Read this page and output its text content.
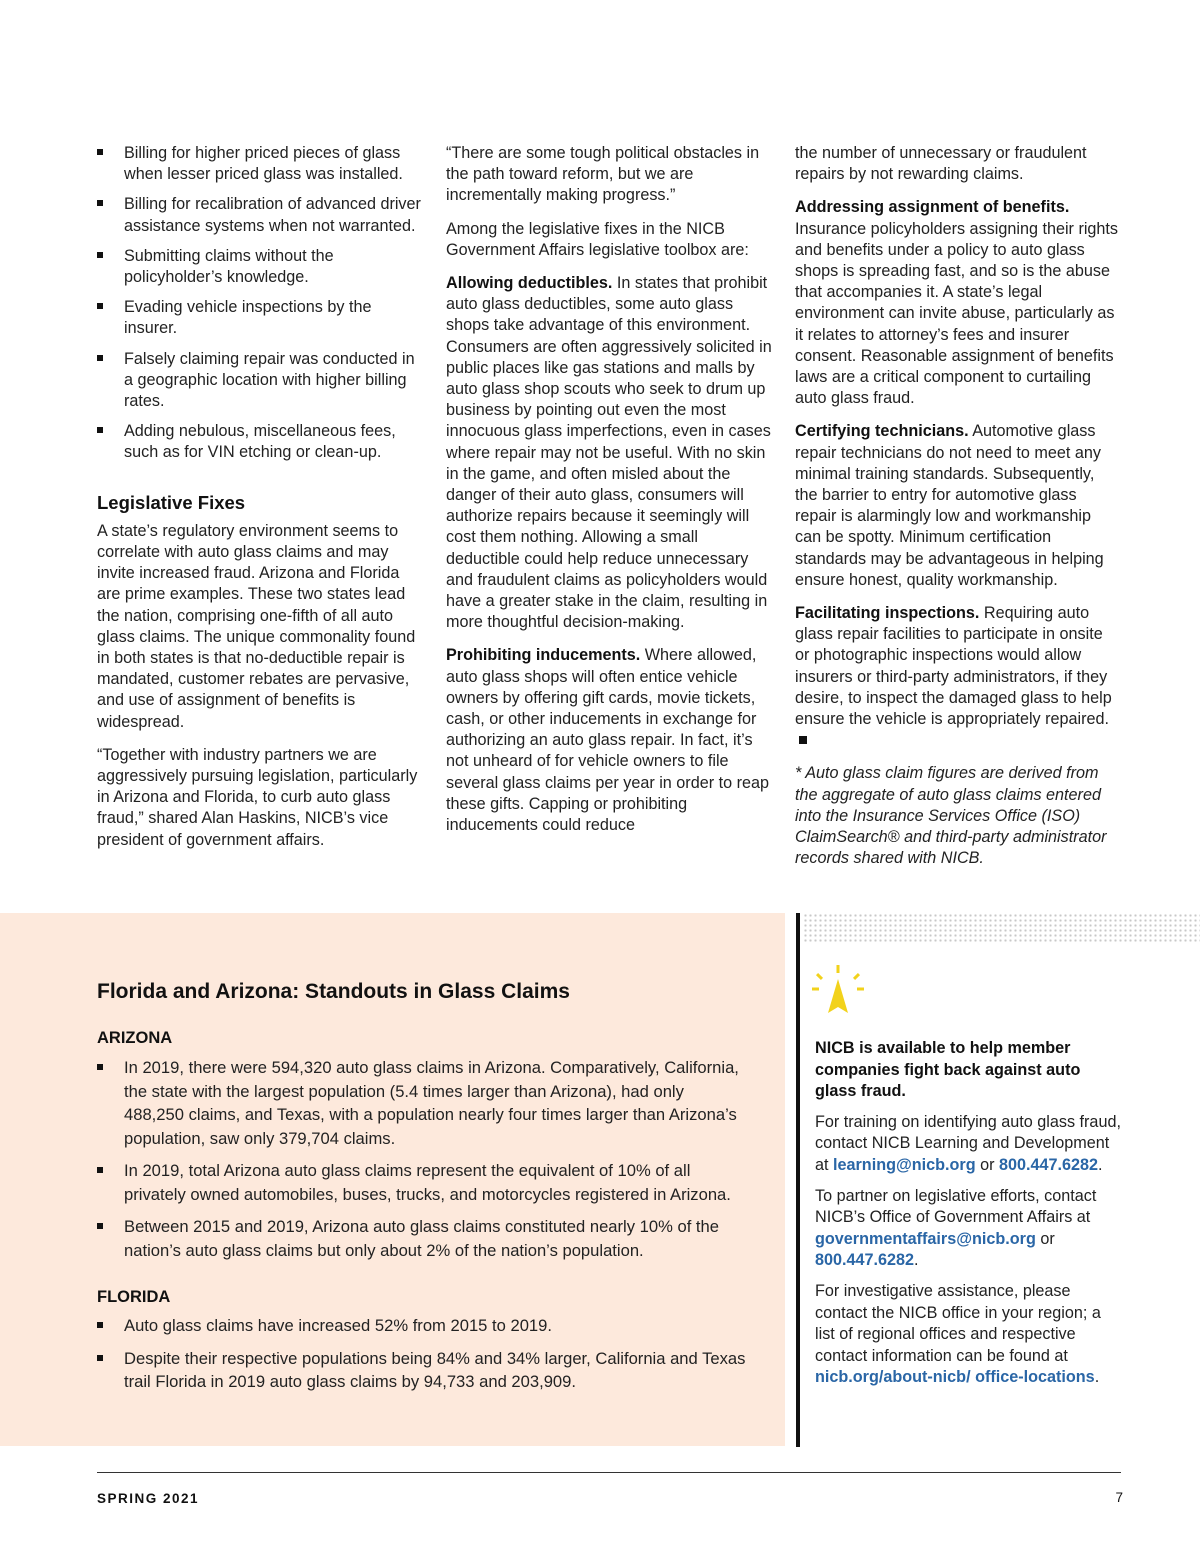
Billing for higher priced pieces of glass when lesser priced glass was installed.
Billing for recalibration of advanced driver assistance systems when not warranted.
Submitting claims without the policyholder’s knowledge.
Evading vehicle inspections by the insurer.
Falsely claiming repair was conducted in a geographic location with higher billing rates.
Adding nebulous, miscellaneous fees, such as for VIN etching or clean-up.
Legislative Fixes

A state’s regulatory environment seems to correlate with auto glass claims and may invite increased fraud. Arizona and Florida are prime examples. These two states lead the nation, comprising one-fifth of all auto glass claims. The unique commonality found in both states is that no-deductible repair is mandated, customer rebates are pervasive, and use of assignment of benefits is widespread.

“Together with industry partners we are aggressively pursuing legislation, particularly in Arizona and Florida, to curb auto glass fraud,” shared Alan Haskins, NICB’s vice president of government affairs.

“There are some tough political obstacles in the path toward reform, but we are incrementally making progress.”

Among the legislative fixes in the NICB Government Affairs legislative toolbox are:

Allowing deductibles. In states that prohibit auto glass deductibles, some auto glass shops take advantage of this environment. Consumers are often aggressively solicited in public places like gas stations and malls by auto glass shop scouts who seek to drum up business by pointing out even the most innocuous glass imperfections, even in cases where repair may not be useful. With no skin in the game, and often misled about the danger of their auto glass, consumers will authorize repairs because it seemingly will cost them nothing. Allowing a small deductible could help reduce unnecessary and fraudulent claims as policyholders would have a greater stake in the claim, resulting in more thoughtful decision-making.

Prohibiting inducements. Where allowed, auto glass shops will often entice vehicle owners by offering gift cards, movie tickets, cash, or other inducements in exchange for authorizing an auto glass repair. In fact, it’s not unheard of for vehicle owners to file several glass claims per year in order to reap these gifts. Capping or prohibiting inducements could reduce

the number of unnecessary or fraudulent repairs by not rewarding claims.

Addressing assignment of benefits. Insurance policyholders assigning their rights and benefits under a policy to auto glass shops is spreading fast, and so is the abuse that accompanies it. A state’s legal environment can invite abuse, particularly as it relates to attorney’s fees and insurer consent. Reasonable assignment of benefits laws are a critical component to curtailing auto glass fraud.

Certifying technicians. Automotive glass repair technicians do not need to meet any minimal training standards. Subsequently, the barrier to entry for automotive glass repair is alarmingly low and workmanship can be spotty. Minimum certification standards may be advantageous in helping ensure honest, quality workmanship.

Facilitating inspections. Requiring auto glass repair facilities to participate in onsite or photographic inspections would allow insurers or third-party administrators, if they desire, to inspect the damaged glass to help ensure the vehicle is appropriately repaired.

* Auto glass claim figures are derived from the aggregate of auto glass claims entered into the Insurance Services Office (ISO) ClaimSearch® and third-party administrator records shared with NICB.

Florida and Arizona: Standouts in Glass Claims
ARIZONA
In 2019, there were 594,320 auto glass claims in Arizona. Comparatively, California, the state with the largest population (5.4 times larger than Arizona), had only 488,250 claims, and Texas, with a population nearly four times larger than Arizona’s population, saw only 379,704 claims.
In 2019, total Arizona auto glass claims represent the equivalent of 10% of all privately owned automobiles, buses, trucks, and motorcycles registered in Arizona.
Between 2015 and 2019, Arizona auto glass claims constituted nearly 10% of the nation’s auto glass claims but only about 2% of the nation’s population.
FLORIDA
Auto glass claims have increased 52% from 2015 to 2019.
Despite their respective populations being 84% and 34% larger, California and Texas trail Florida in 2019 auto glass claims by 94,733 and 203,909.

NICB is available to help member companies fight back against auto glass fraud.

For training on identifying auto glass fraud, contact NICB Learning and Development at learning@nicb.org or 800.447.6282.

To partner on legislative efforts, contact NICB’s Office of Government Affairs at governmentaffairs@nicb.org or 800.447.6282.

For investigative assistance, please contact the NICB office in your region; a list of regional offices and respective contact information can be found at nicb.org/about-nicb/ office-locations.

SPRING 2021	7
